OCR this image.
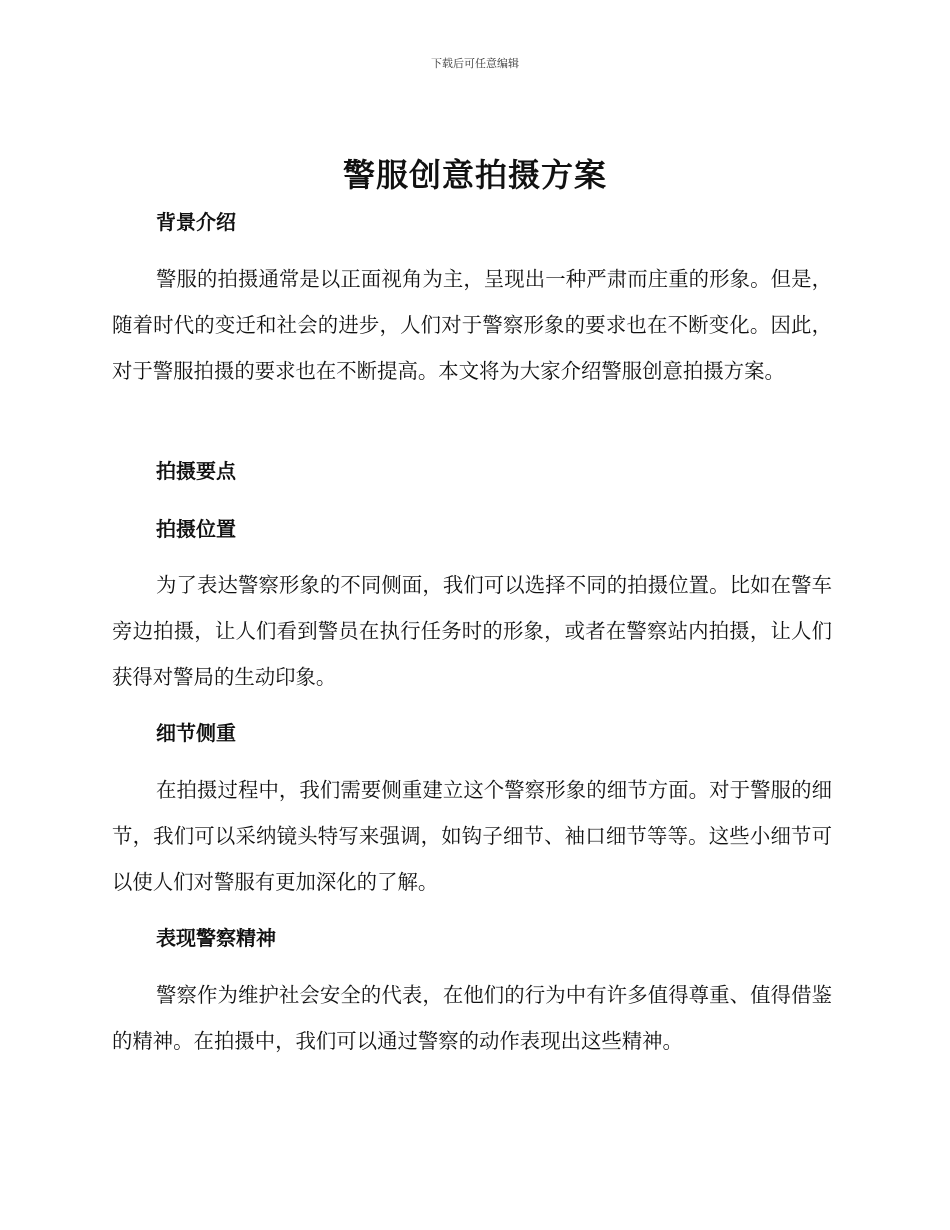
下载后可任意编辑
警服创意拍摄方案
背景介绍

警服的拍摄通常是以正面视角为主，呈现出一种严肃而庄重的形象。但是，随着时代的变迁和社会的进步，人们对于警察形象的要求也在不断变化。因此，对于警服拍摄的要求也在不断提高。本文将为大家介绍警服创意拍摄方案。

拍摄要点
拍摄位置

为了表达警察形象的不同侧面，我们可以选择不同的拍摄位置。比如在警车旁边拍摄，让人们看到警员在执行任务时的形象，或者在警察站内拍摄，让人们获得对警局的生动印象。

细节侧重

在拍摄过程中，我们需要侧重建立这个警察形象的细节方面。对于警服的细节，我们可以采纳镜头特写来强调，如钩子细节、袖口细节等等。这些小细节可以使人们对警服有更加深化的了解。

表现警察精神

警察作为维护社会安全的代表，在他们的行为中有许多值得尊重、值得借鉴的精神。在拍摄中，我们可以通过警察的动作表现出这些精神。
